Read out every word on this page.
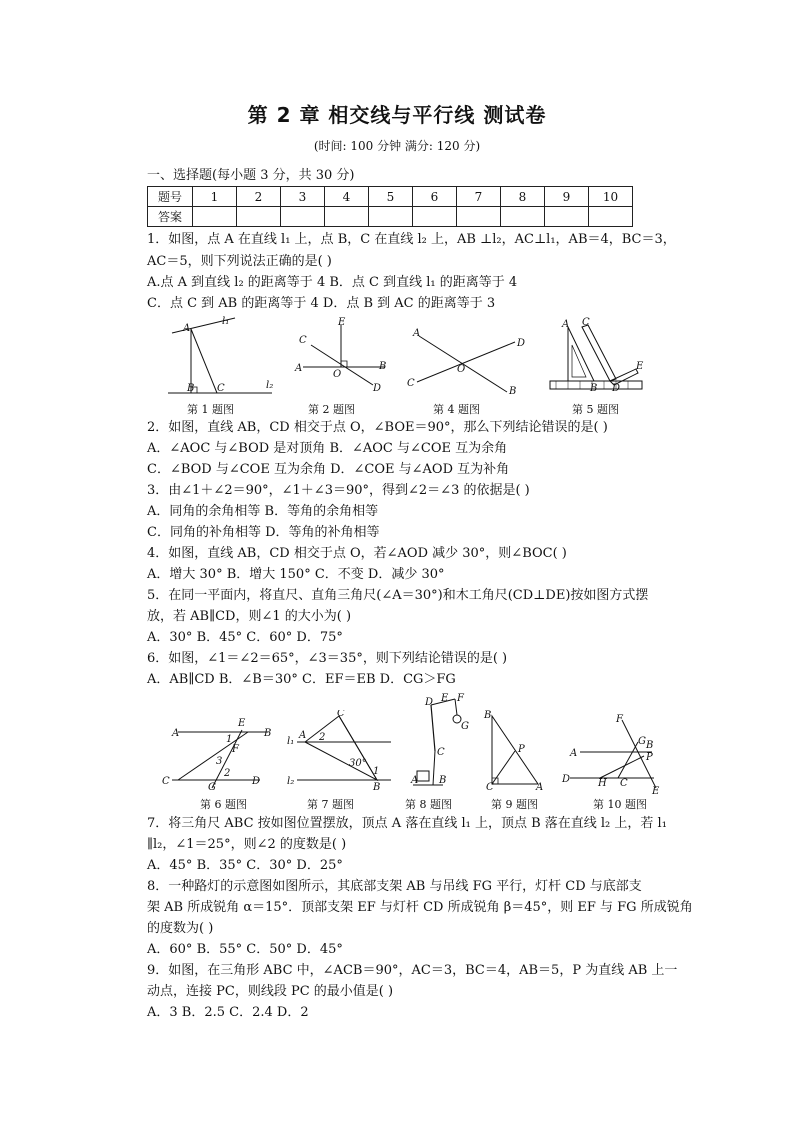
第 2 章 相交线与平行线 测试卷
(时间: 100 分钟 满分: 120 分)
一、选择题(每小题 3 分，共 30 分)
题号	1	2	3	4	5	6	7	8	9	10
答案										
1．如图，点 A 在直线 l₁ 上，点 B，C 在直线 l₂ 上，AB ⊥l₂，AC⊥l₁，AB＝4，BC＝3，
AC＝5，则下列说法正确的是( )
A.点 A 到直线 l₂ 的距离等于 4 B．点 C 到直线 l₁ 的距离等于 4
C．点 C 到 AB 的距离等于 4 D．点 B 到 AC 的距离等于 3
A
l₁
B C	l₂
第 1 题图
E
C
A
O
B
D
第 2 题图
A
D
O
C
B
第 4 题图
A C
E
B D
第 5 题图
2．如图，直线 AB，CD 相交于点 O，∠BOE＝90°，那么下列结论错误的是( )
A．∠AOC 与∠BOD 是对顶角 B．∠AOC 与∠COE 互为余角
C．∠BOD 与∠COE 互为余角 D．∠COE 与∠AOD 互为补角
3．由∠1＋∠2＝90°，∠1＋∠3＝90°，得到∠2＝∠3 的依据是( )
A．同角的余角相等 B．等角的余角相等
C．同角的补角相等 D．等角的补角相等
4．如图，直线 AB，CD 相交于点 O，若∠AOD 减少 30°，则∠BOC( )
A．增大 30° B．增大 150° C．不变 D．减少 30°
5．在同一平面内，将直尺、直角三角尺(∠A＝30°)和木工角尺(CD⊥DE)按如图方式摆
放，若 AB∥CD，则∠1 的大小为( )
A．30° B．45° C．60° D．75°
6．如图，∠1＝∠2＝65°，∠3＝35°，则下列结论错误的是( )
A．AB∥CD B．∠B＝30° C．EF＝EB D．CG＞FG
A
E
B
1
F
3
2
C
G
D
第 6 题图
C
l₁
A 2
30°
1
l₂
B
第 7 题图
D E F
C
G
B
A
第 8 题图
B
P
C	A
第 9 题图
F
G B
A	P
D	H C
E
第 10 题图
7．将三角尺 ABC 按如图位置摆放，顶点 A 落在直线 l₁ 上，顶点 B 落在直线 l₂ 上，若 l₁
∥l₂，∠1＝25°，则∠2 的度数是( )
A．45° B．35° C．30° D．25°
8．一种路灯的示意图如图所示，其底部支架 AB 与吊线 FG 平行，灯杆 CD 与底部支
架 AB 所成锐角 α＝15°．顶部支架 EF 与灯杆 CD 所成锐角 β＝45°，则 EF 与 FG 所成锐角
的度数为( )
A．60° B．55° C．50° D．45°
9．如图，在三角形 ABC 中，∠ACB＝90°，AC＝3，BC＝4，AB＝5，P 为直线 AB 上一
动点，连接 PC，则线段 PC 的最小值是( )
A．3 B．2.5 C．2.4 D．2
